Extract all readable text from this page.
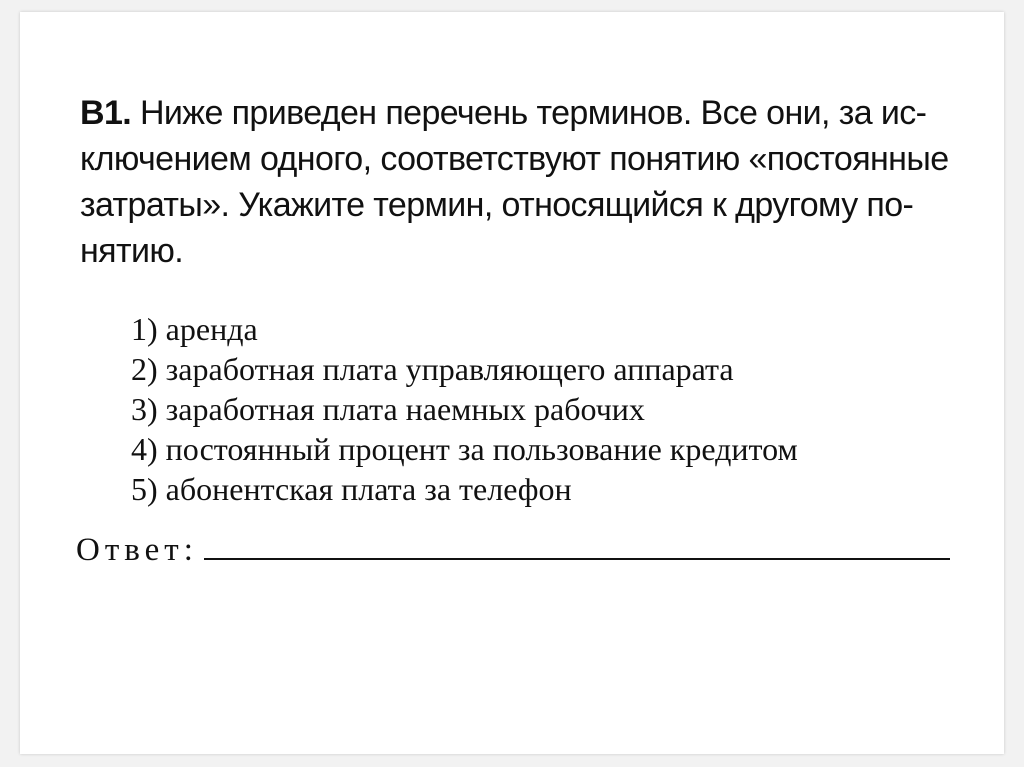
B1. Ниже приведен перечень терминов. Все они, за ис-
ключением одного, соответствуют понятию «постоянные
затраты». Укажите термин, относящийся к другому по-
нятию.
1) аренда
2) заработная плата управляющего аппарата
3) заработная плата наемных рабочих
4) постоянный процент за пользование кредитом
5) абонентская плата за телефон
Ответ:
